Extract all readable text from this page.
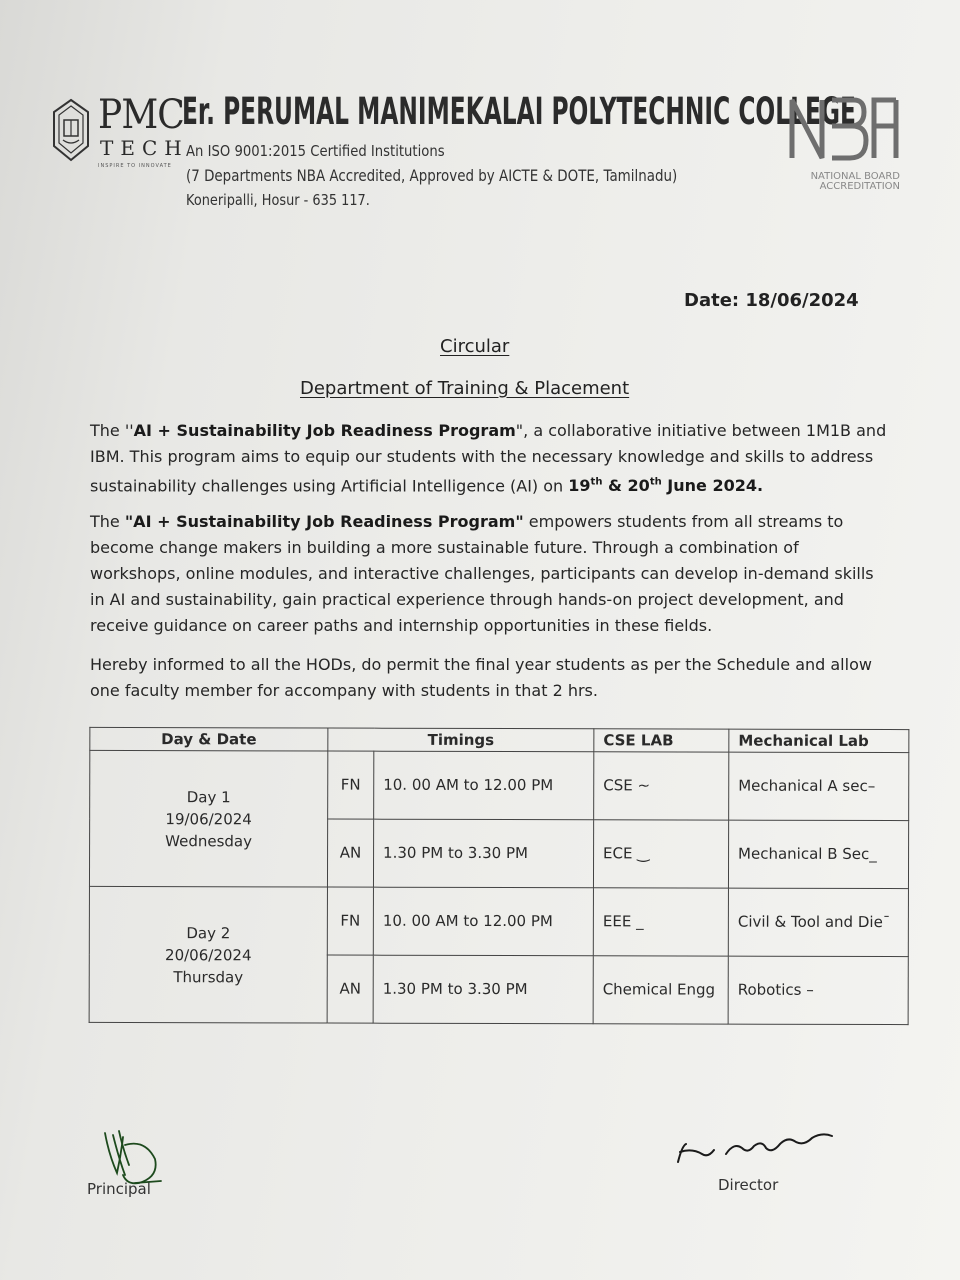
PMC
TECH
INSPIRE TO INNOVATE
Er. PERUMAL MANIMEKALAI POLYTECHNIC COLLEGE
An ISO 9001:2015 Certified Institutions
(7 Departments NBA Accredited, Approved by AICTE & DOTE, Tamilnadu)
Koneripalli, Hosur - 635 117.
NATIONAL BOARD
ACCREDITATION
Date: 18/06/2024
Circular
Department of Training & Placement
The ''AI + Sustainability Job Readiness Program", a collaborative initiative between 1M1B and IBM. This program aims to equip our students with the necessary knowledge and skills to address sustainability challenges using Artificial Intelligence (AI) on 19th & 20th June 2024.
The "AI + Sustainability Job Readiness Program" empowers students from all streams to become change makers in building a more sustainable future. Through a combination of workshops, online modules, and interactive challenges, participants can develop in-demand skills in AI and sustainability, gain practical experience through hands-on project development, and receive guidance on career paths and internship opportunities in these fields.
Hereby informed to all the HODs, do permit the final year students as per the Schedule and allow one faculty member for accompany with students in that 2 hrs.
Day & Date	Timings		CSE LAB	Mechanical Lab

Day 1
19/06/2024
Wednesday	FN	10. 00 AM to 12.00 PM	CSE ~	Mechanical A sec–
	AN	1.30 PM to 3.30 PM	ECE ‿	Mechanical B Sec_

Day 2
20/06/2024
Thursday	FN	10. 00 AM to 12.00 PM	EEE _	Civil & Tool and Die¯
	AN	1.30 PM to 3.30 PM	Chemical Engg	Robotics –
Principal	Director
